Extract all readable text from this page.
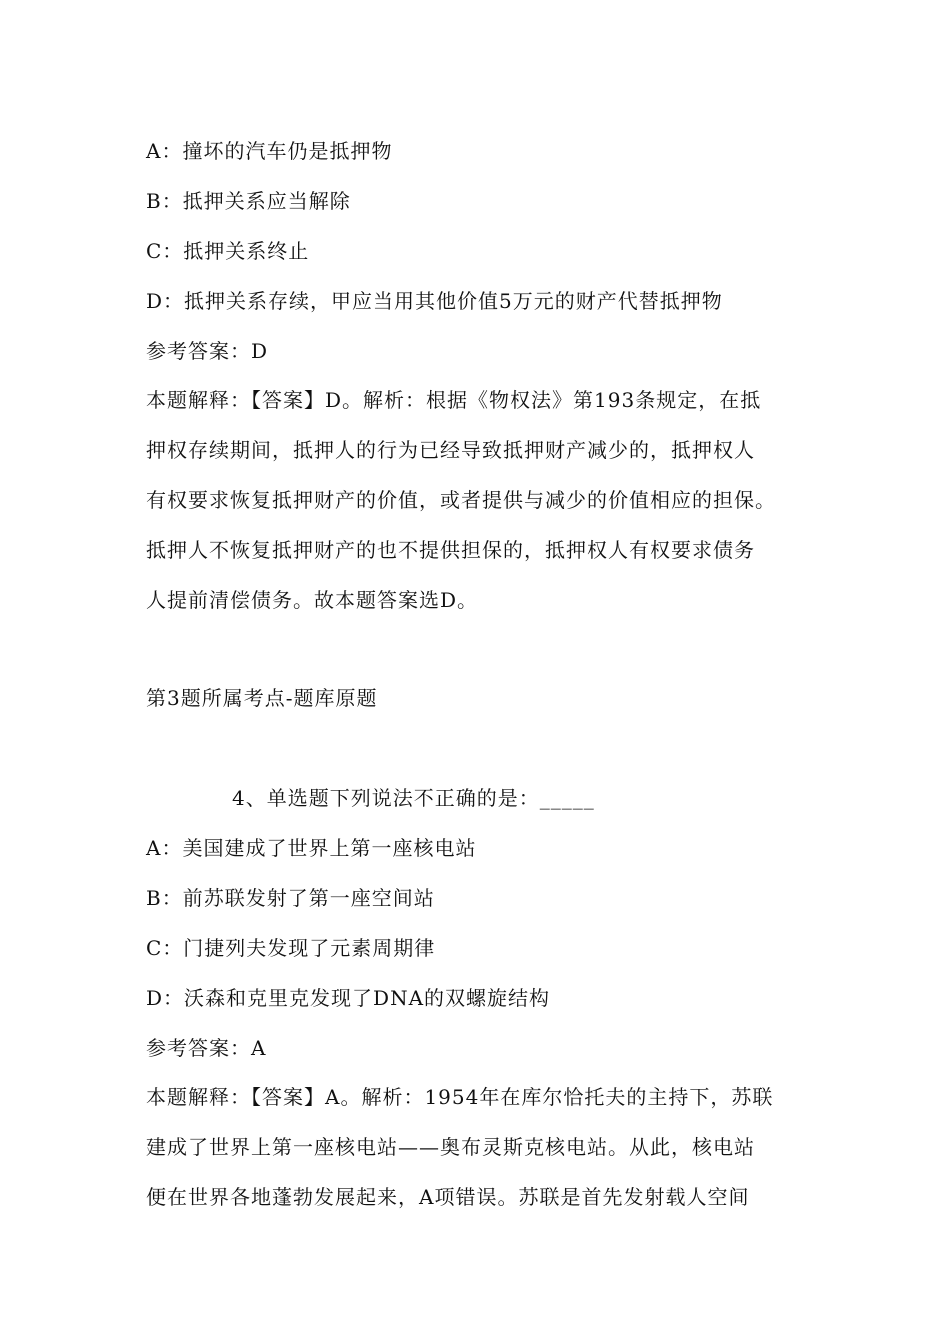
A：撞坏的汽车仍是抵押物
B：抵押关系应当解除
C：抵押关系终止
D：抵押关系存续，甲应当用其他价值5万元的财产代替抵押物
参考答案：D
本题解释：【答案】D。解析：根据《物权法》第193条规定，在抵
押权存续期间，抵押人的行为已经导致抵押财产减少的，抵押权人
有权要求恢复抵押财产的价值，或者提供与减少的价值相应的担保。
抵押人不恢复抵押财产的也不提供担保的，抵押权人有权要求债务
人提前清偿债务。故本题答案选D。
第3题所属考点-题库原题
4、单选题下列说法不正确的是：_____
A：美国建成了世界上第一座核电站
B：前苏联发射了第一座空间站
C：门捷列夫发现了元素周期律
D：沃森和克里克发现了DNA的双螺旋结构
参考答案：A
本题解释：【答案】A。解析：1954年在库尔恰托夫的主持下，苏联
建成了世界上第一座核电站——奥布灵斯克核电站。从此，核电站
便在世界各地蓬勃发展起来，A项错误。苏联是首先发射载人空间
